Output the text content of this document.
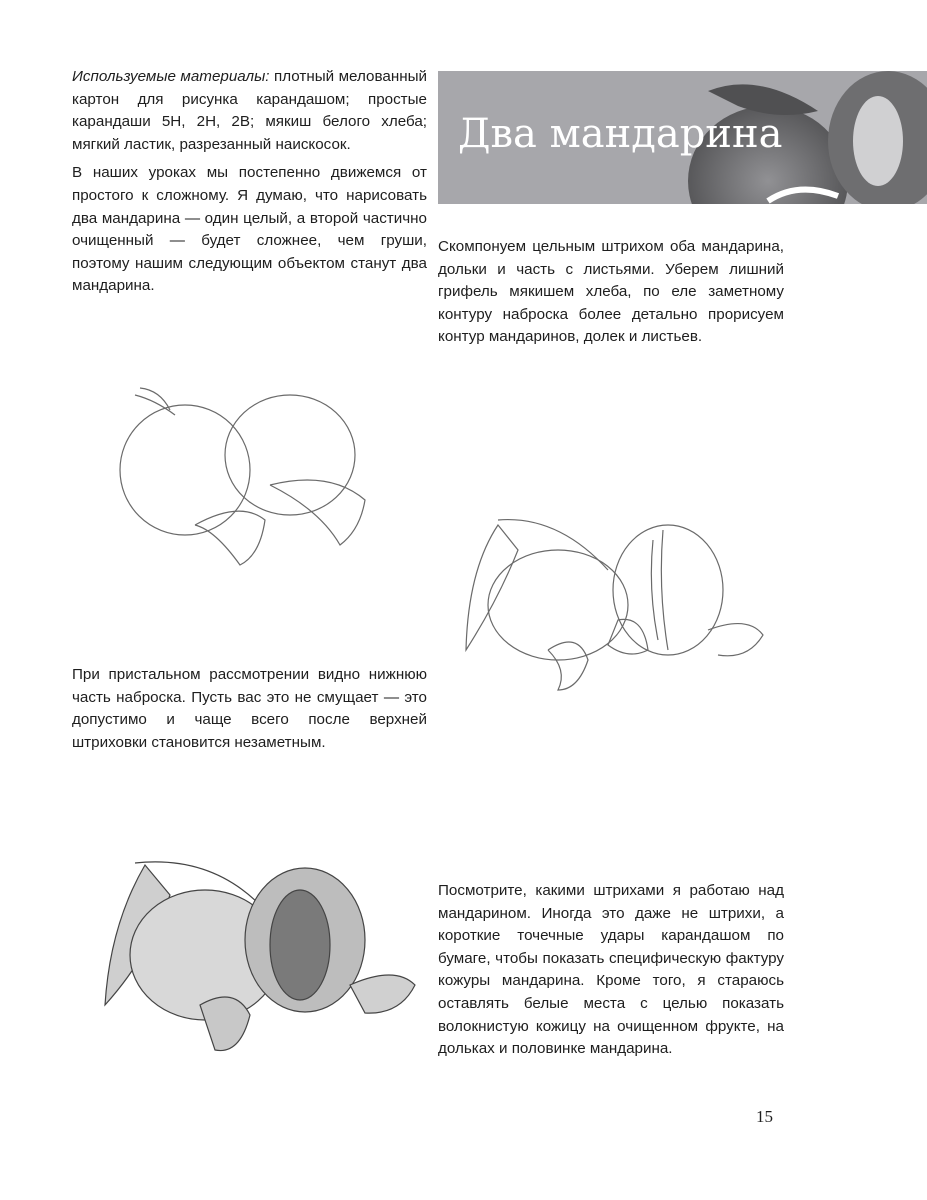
Используемые материалы: плотный мелованный картон для рисунка карандашом; простые карандаши 5H, 2H, 2B; мякиш белого хлеба; мягкий ластик, разрезанный наискосок.

В наших уроках мы постепенно движемся от простого к сложному. Я думаю, что нарисовать два мандарина — один целый, а второй частично очищенный — будет сложнее, чем груши, поэтому нашим следующим объектом станут два мандарина.

Два мандарина
Скомпонуем цельным штрихом оба мандарина, дольки и часть с листьями. Уберем лишний грифель мякишем хлеба, по еле заметному контуру наброска более детально прорисуем контур мандаринов, долек и листьев.
При пристальном рассмотрении видно нижнюю часть наброска. Пусть вас это не смущает — это допустимо и чаще всего после верхней штриховки становится незаметным.
Посмотрите, какими штрихами я работаю над мандарином. Иногда это даже не штрихи, а короткие точечные удары карандашом по бумаге, чтобы показать специфическую фактуру кожуры мандарина. Кроме того, я стараюсь оставлять белые места с целью показать волокнистую кожицу на очищенном фрукте, на дольках и половинке мандарина.
15
